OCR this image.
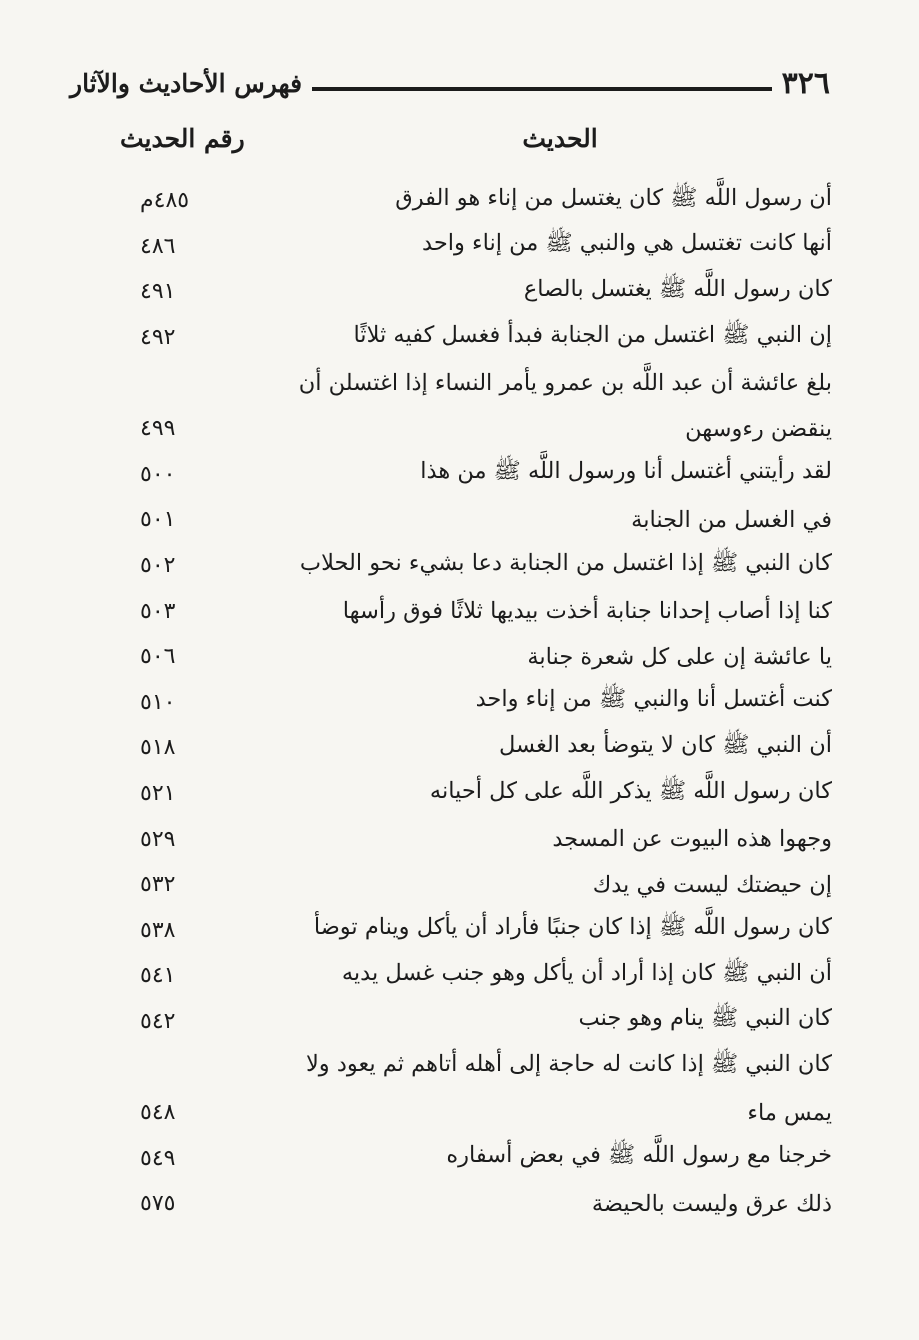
٣٢٦
فهرس الأحاديث والآثار
الحديث
رقم الحديث
أن رسول اللَّه ﷺ كان يغتسل من إناء هو الفرق
٤٨٥م
أنها كانت تغتسل هي والنبي ﷺ من إناء واحد
٤٨٦
كان رسول اللَّه ﷺ يغتسل بالصاع
٤٩١
إن النبي ﷺ اغتسل من الجنابة فبدأ فغسل كفيه ثلاثًا
٤٩٢
بلغ عائشة أن عبد اللَّه بن عمرو يأمر النساء إذا اغتسلن أن
ينقضن رءوسهن
٤٩٩
لقد رأيتني أغتسل أنا ورسول اللَّه ﷺ من هذا
٥٠٠
في الغسل من الجنابة
٥٠١
كان النبي ﷺ إذا اغتسل من الجنابة دعا بشيء نحو الحلاب
٥٠٢
كنا إذا أصاب إحدانا جنابة أخذت بيديها ثلاثًا فوق رأسها
٥٠٣
يا عائشة إن على كل شعرة جنابة
٥٠٦
كنت أغتسل أنا والنبي ﷺ من إناء واحد
٥١٠
أن النبي ﷺ كان لا يتوضأ بعد الغسل
٥١٨
كان رسول اللَّه ﷺ يذكر اللَّه على كل أحيانه
٥٢١
وجهوا هذه البيوت عن المسجد
٥٢٩
إن حيضتك ليست في يدك
٥٣٢
كان رسول اللَّه ﷺ إذا كان جنبًا فأراد أن يأكل وينام توضأ
٥٣٨
أن النبي ﷺ كان إذا أراد أن يأكل وهو جنب غسل يديه
٥٤١
كان النبي ﷺ ينام وهو جنب
٥٤٢
كان النبي ﷺ إذا كانت له حاجة إلى أهله أتاهم ثم يعود ولا
يمس ماء
٥٤٨
خرجنا مع رسول اللَّه ﷺ في بعض أسفاره
٥٤٩
ذلك عرق وليست بالحيضة
٥٧٥
